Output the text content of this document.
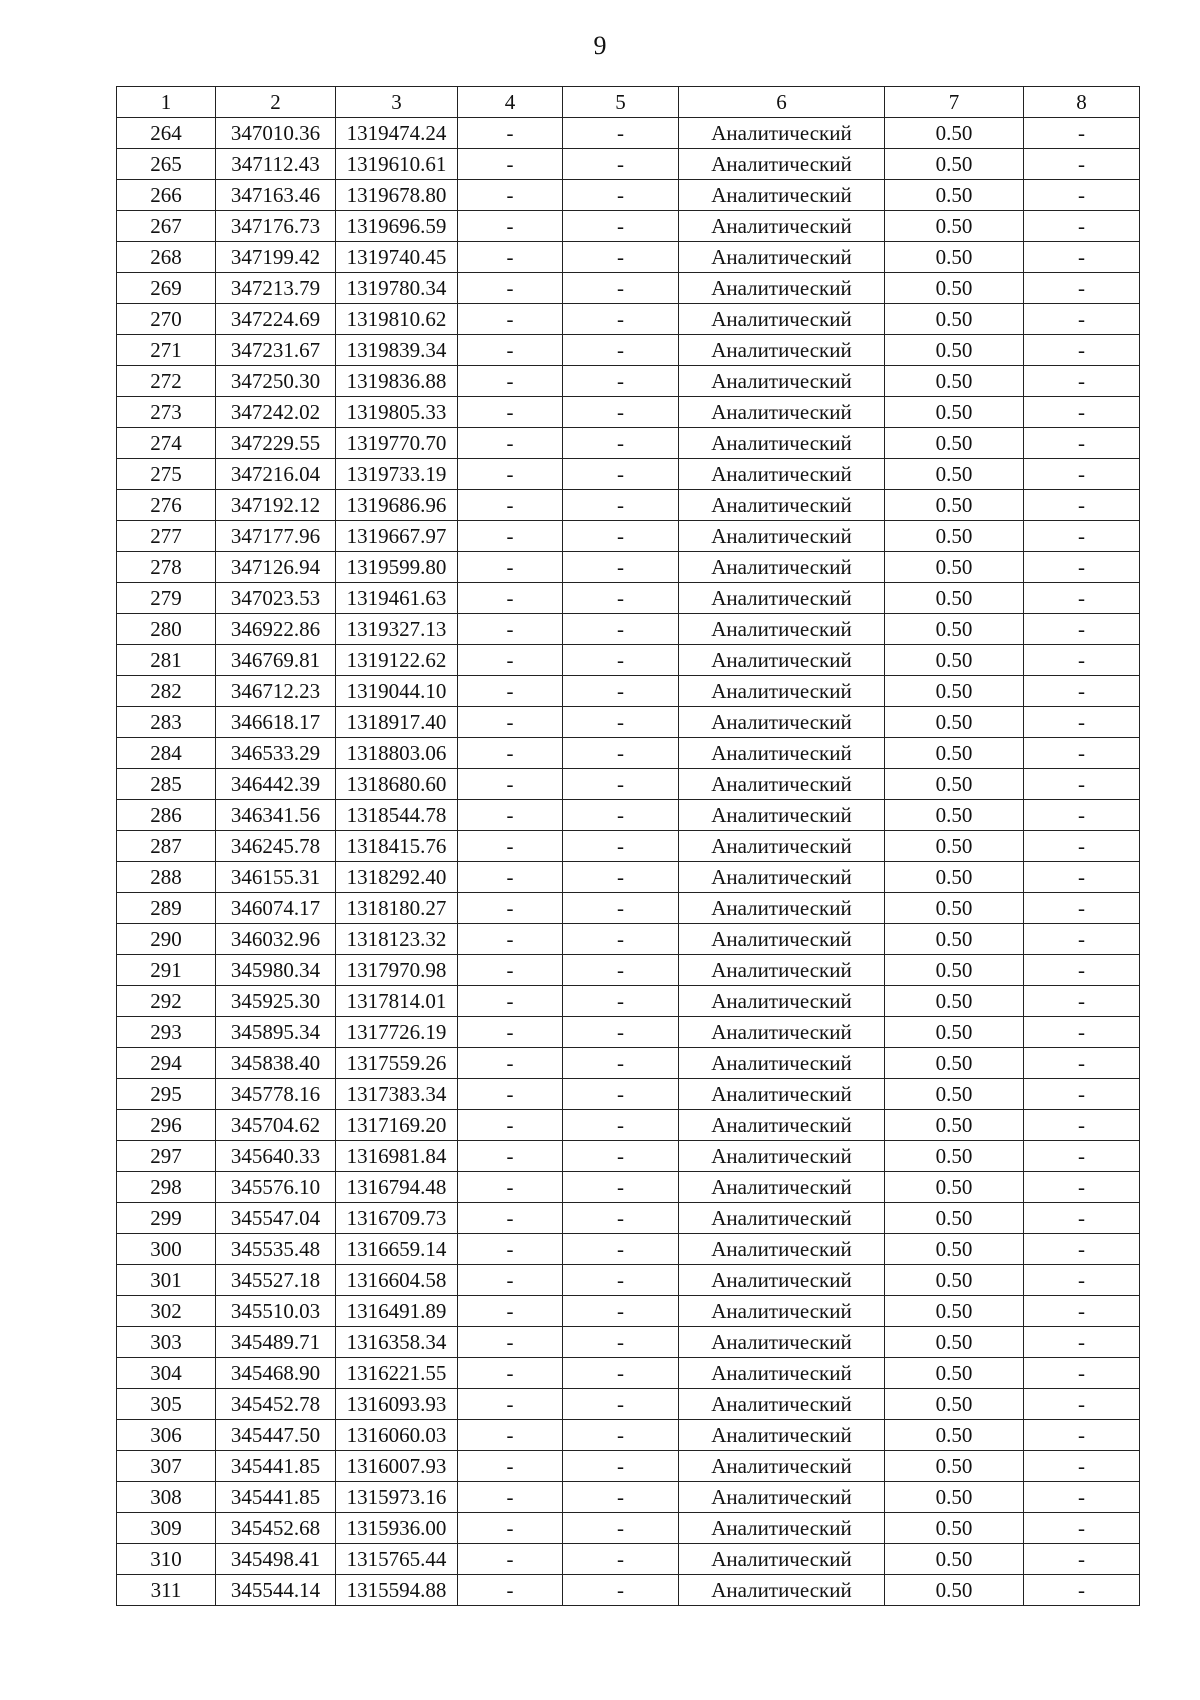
9
1	2	3	4	5	6	7	8
264	347010.36	1319474.24	-	-	Аналитический	0.50	-
265	347112.43	1319610.61	-	-	Аналитический	0.50	-
266	347163.46	1319678.80	-	-	Аналитический	0.50	-
267	347176.73	1319696.59	-	-	Аналитический	0.50	-
268	347199.42	1319740.45	-	-	Аналитический	0.50	-
269	347213.79	1319780.34	-	-	Аналитический	0.50	-
270	347224.69	1319810.62	-	-	Аналитический	0.50	-
271	347231.67	1319839.34	-	-	Аналитический	0.50	-
272	347250.30	1319836.88	-	-	Аналитический	0.50	-
273	347242.02	1319805.33	-	-	Аналитический	0.50	-
274	347229.55	1319770.70	-	-	Аналитический	0.50	-
275	347216.04	1319733.19	-	-	Аналитический	0.50	-
276	347192.12	1319686.96	-	-	Аналитический	0.50	-
277	347177.96	1319667.97	-	-	Аналитический	0.50	-
278	347126.94	1319599.80	-	-	Аналитический	0.50	-
279	347023.53	1319461.63	-	-	Аналитический	0.50	-
280	346922.86	1319327.13	-	-	Аналитический	0.50	-
281	346769.81	1319122.62	-	-	Аналитический	0.50	-
282	346712.23	1319044.10	-	-	Аналитический	0.50	-
283	346618.17	1318917.40	-	-	Аналитический	0.50	-
284	346533.29	1318803.06	-	-	Аналитический	0.50	-
285	346442.39	1318680.60	-	-	Аналитический	0.50	-
286	346341.56	1318544.78	-	-	Аналитический	0.50	-
287	346245.78	1318415.76	-	-	Аналитический	0.50	-
288	346155.31	1318292.40	-	-	Аналитический	0.50	-
289	346074.17	1318180.27	-	-	Аналитический	0.50	-
290	346032.96	1318123.32	-	-	Аналитический	0.50	-
291	345980.34	1317970.98	-	-	Аналитический	0.50	-
292	345925.30	1317814.01	-	-	Аналитический	0.50	-
293	345895.34	1317726.19	-	-	Аналитический	0.50	-
294	345838.40	1317559.26	-	-	Аналитический	0.50	-
295	345778.16	1317383.34	-	-	Аналитический	0.50	-
296	345704.62	1317169.20	-	-	Аналитический	0.50	-
297	345640.33	1316981.84	-	-	Аналитический	0.50	-
298	345576.10	1316794.48	-	-	Аналитический	0.50	-
299	345547.04	1316709.73	-	-	Аналитический	0.50	-
300	345535.48	1316659.14	-	-	Аналитический	0.50	-
301	345527.18	1316604.58	-	-	Аналитический	0.50	-
302	345510.03	1316491.89	-	-	Аналитический	0.50	-
303	345489.71	1316358.34	-	-	Аналитический	0.50	-
304	345468.90	1316221.55	-	-	Аналитический	0.50	-
305	345452.78	1316093.93	-	-	Аналитический	0.50	-
306	345447.50	1316060.03	-	-	Аналитический	0.50	-
307	345441.85	1316007.93	-	-	Аналитический	0.50	-
308	345441.85	1315973.16	-	-	Аналитический	0.50	-
309	345452.68	1315936.00	-	-	Аналитический	0.50	-
310	345498.41	1315765.44	-	-	Аналитический	0.50	-
311	345544.14	1315594.88	-	-	Аналитический	0.50	-
